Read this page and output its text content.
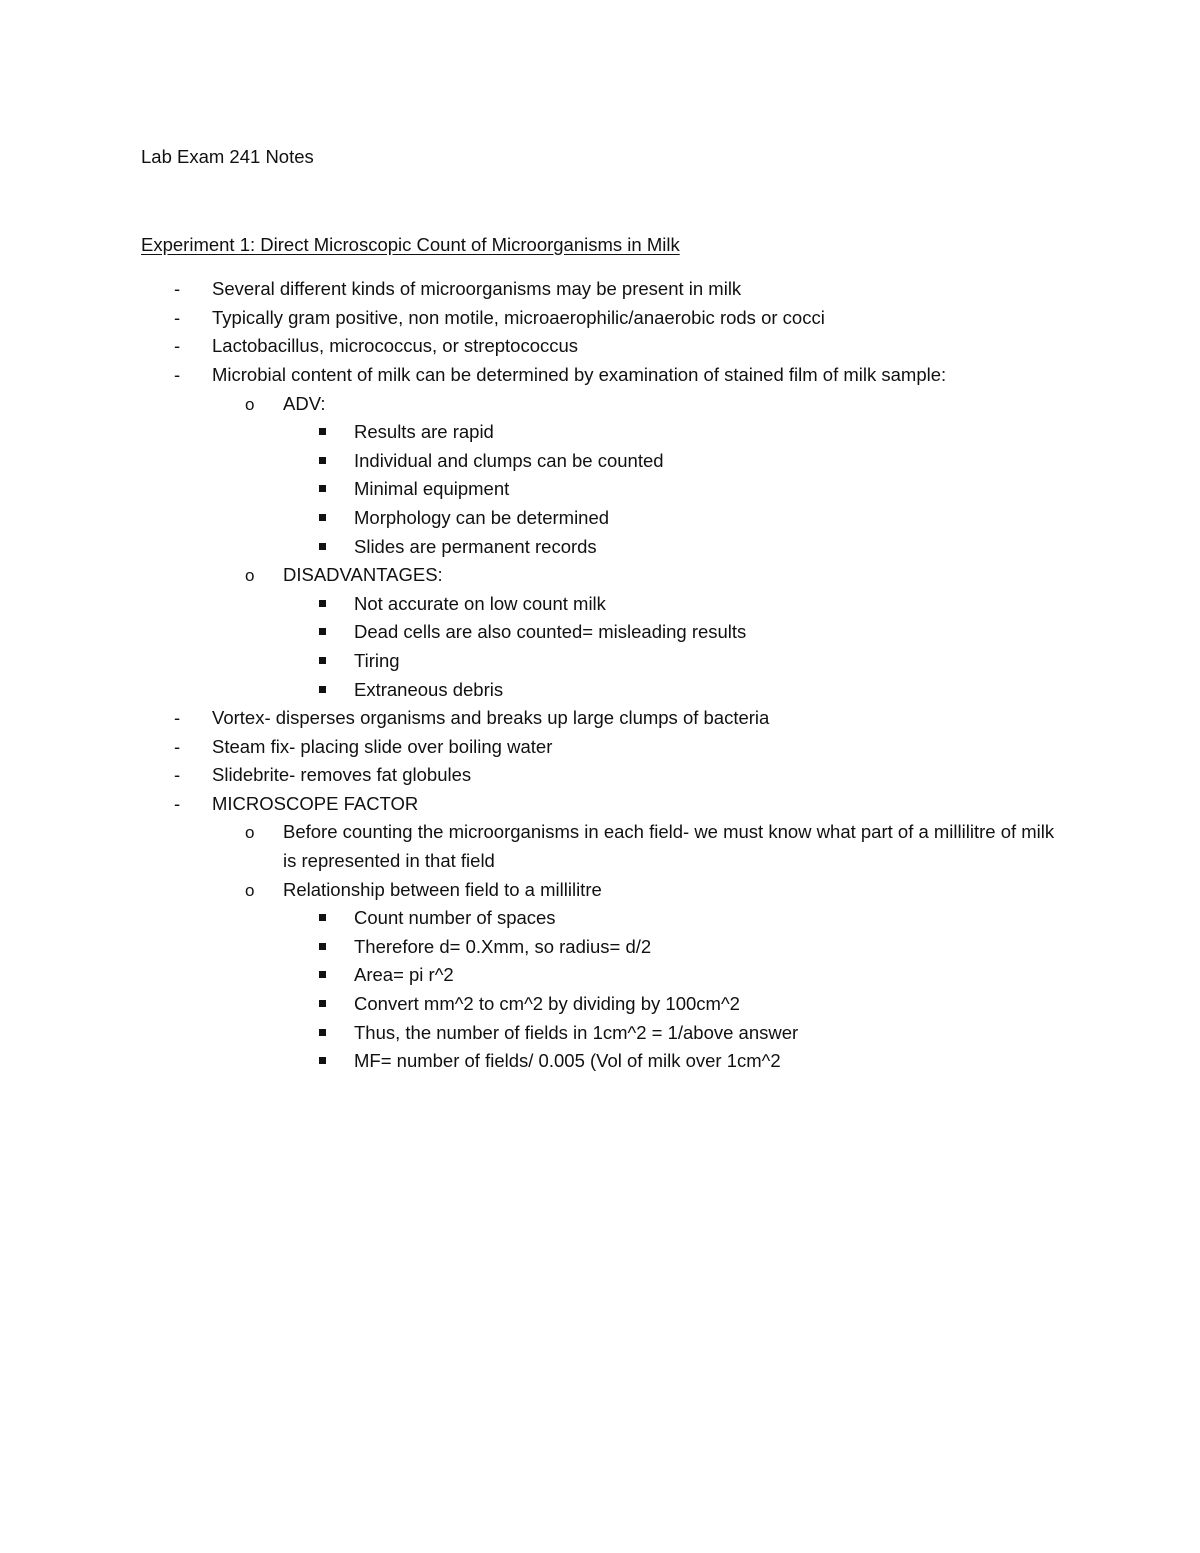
Lab Exam 241 Notes
Experiment 1: Direct Microscopic Count of Microorganisms in Milk
-
Several different kinds of microorganisms may be present in milk
-
Typically gram positive, non motile, microaerophilic/anaerobic rods or cocci
-
Lactobacillus, micrococcus, or streptococcus
-
Microbial content of milk can be determined by examination of stained film of milk sample:
o
ADV:
Results are rapid
Individual and clumps can be counted
Minimal equipment
Morphology can be determined
Slides are permanent records
o
DISADVANTAGES:
Not accurate on low count milk
Dead cells are also counted= misleading results
Tiring
Extraneous debris
-
Vortex- disperses organisms and breaks up large clumps of bacteria
-
Steam fix- placing slide over boiling water
-
Slidebrite- removes fat globules
-
MICROSCOPE FACTOR
o
Before counting the microorganisms in each field- we must know what part of a millilitre of milk is represented in that field
o
Relationship between field to a millilitre
Count number of spaces
Therefore d= 0.Xmm, so radius= d/2
Area= pi r^2
Convert mm^2 to cm^2 by dividing by 100cm^2
Thus, the number of fields in 1cm^2 = 1/above answer
MF= number of fields/ 0.005 (Vol of milk over 1cm^2
